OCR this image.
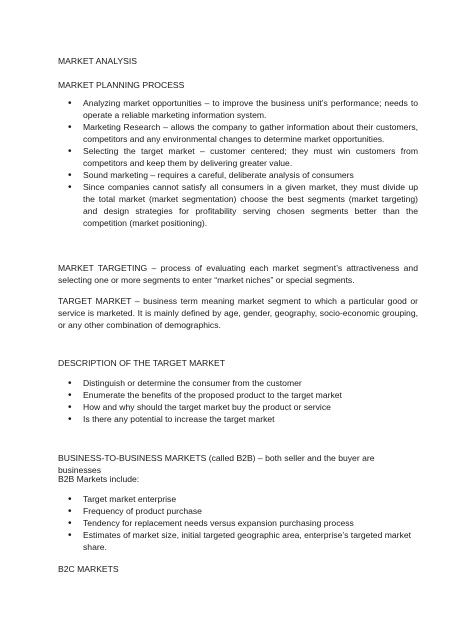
MARKET ANALYSIS

MARKET PLANNING PROCESS

•
Analyzing market opportunities – to improve the business unit’s performance; needs to operate a reliable marketing information system.
•
Marketing Research – allows the company to gather information about their customers, competitors and any environmental changes to determine market opportunities.
•
Selecting the target market – customer centered; they must win customers from competitors and keep them by delivering greater value.
•
Sound marketing – requires a careful, deliberate analysis of consumers
•
Since companies cannot satisfy all consumers in a given market, they must divide up the total market (market segmentation) choose the best segments (market targeting) and design strategies for profitability serving chosen segments better than the competition (market positioning).

MARKET TARGETING – process of evaluating each market segment’s attractiveness and selecting one or more segments to enter “market niches” or special segments.

TARGET MARKET – business term meaning market segment to which a particular good or service is marketed. It is mainly defined by age, gender, geography, socio-economic grouping, or any other combination of demographics.

DESCRIPTION OF THE TARGET MARKET

•
Distinguish or determine the consumer from the customer
•
Enumerate the benefits of the proposed product to the target market
•
How and why should the target market buy the product or service
•
Is there any potential to increase the target market

BUSINESS-TO-BUSINESS MARKETS (called B2B) – both seller and the buyer are businesses

B2B Markets include:

•
Target market enterprise
•
Frequency of product purchase
•
Tendency for replacement needs versus expansion purchasing process
•
Estimates of market size, initial targeted geographic area, enterprise’s targeted market share.

B2C MARKETS
